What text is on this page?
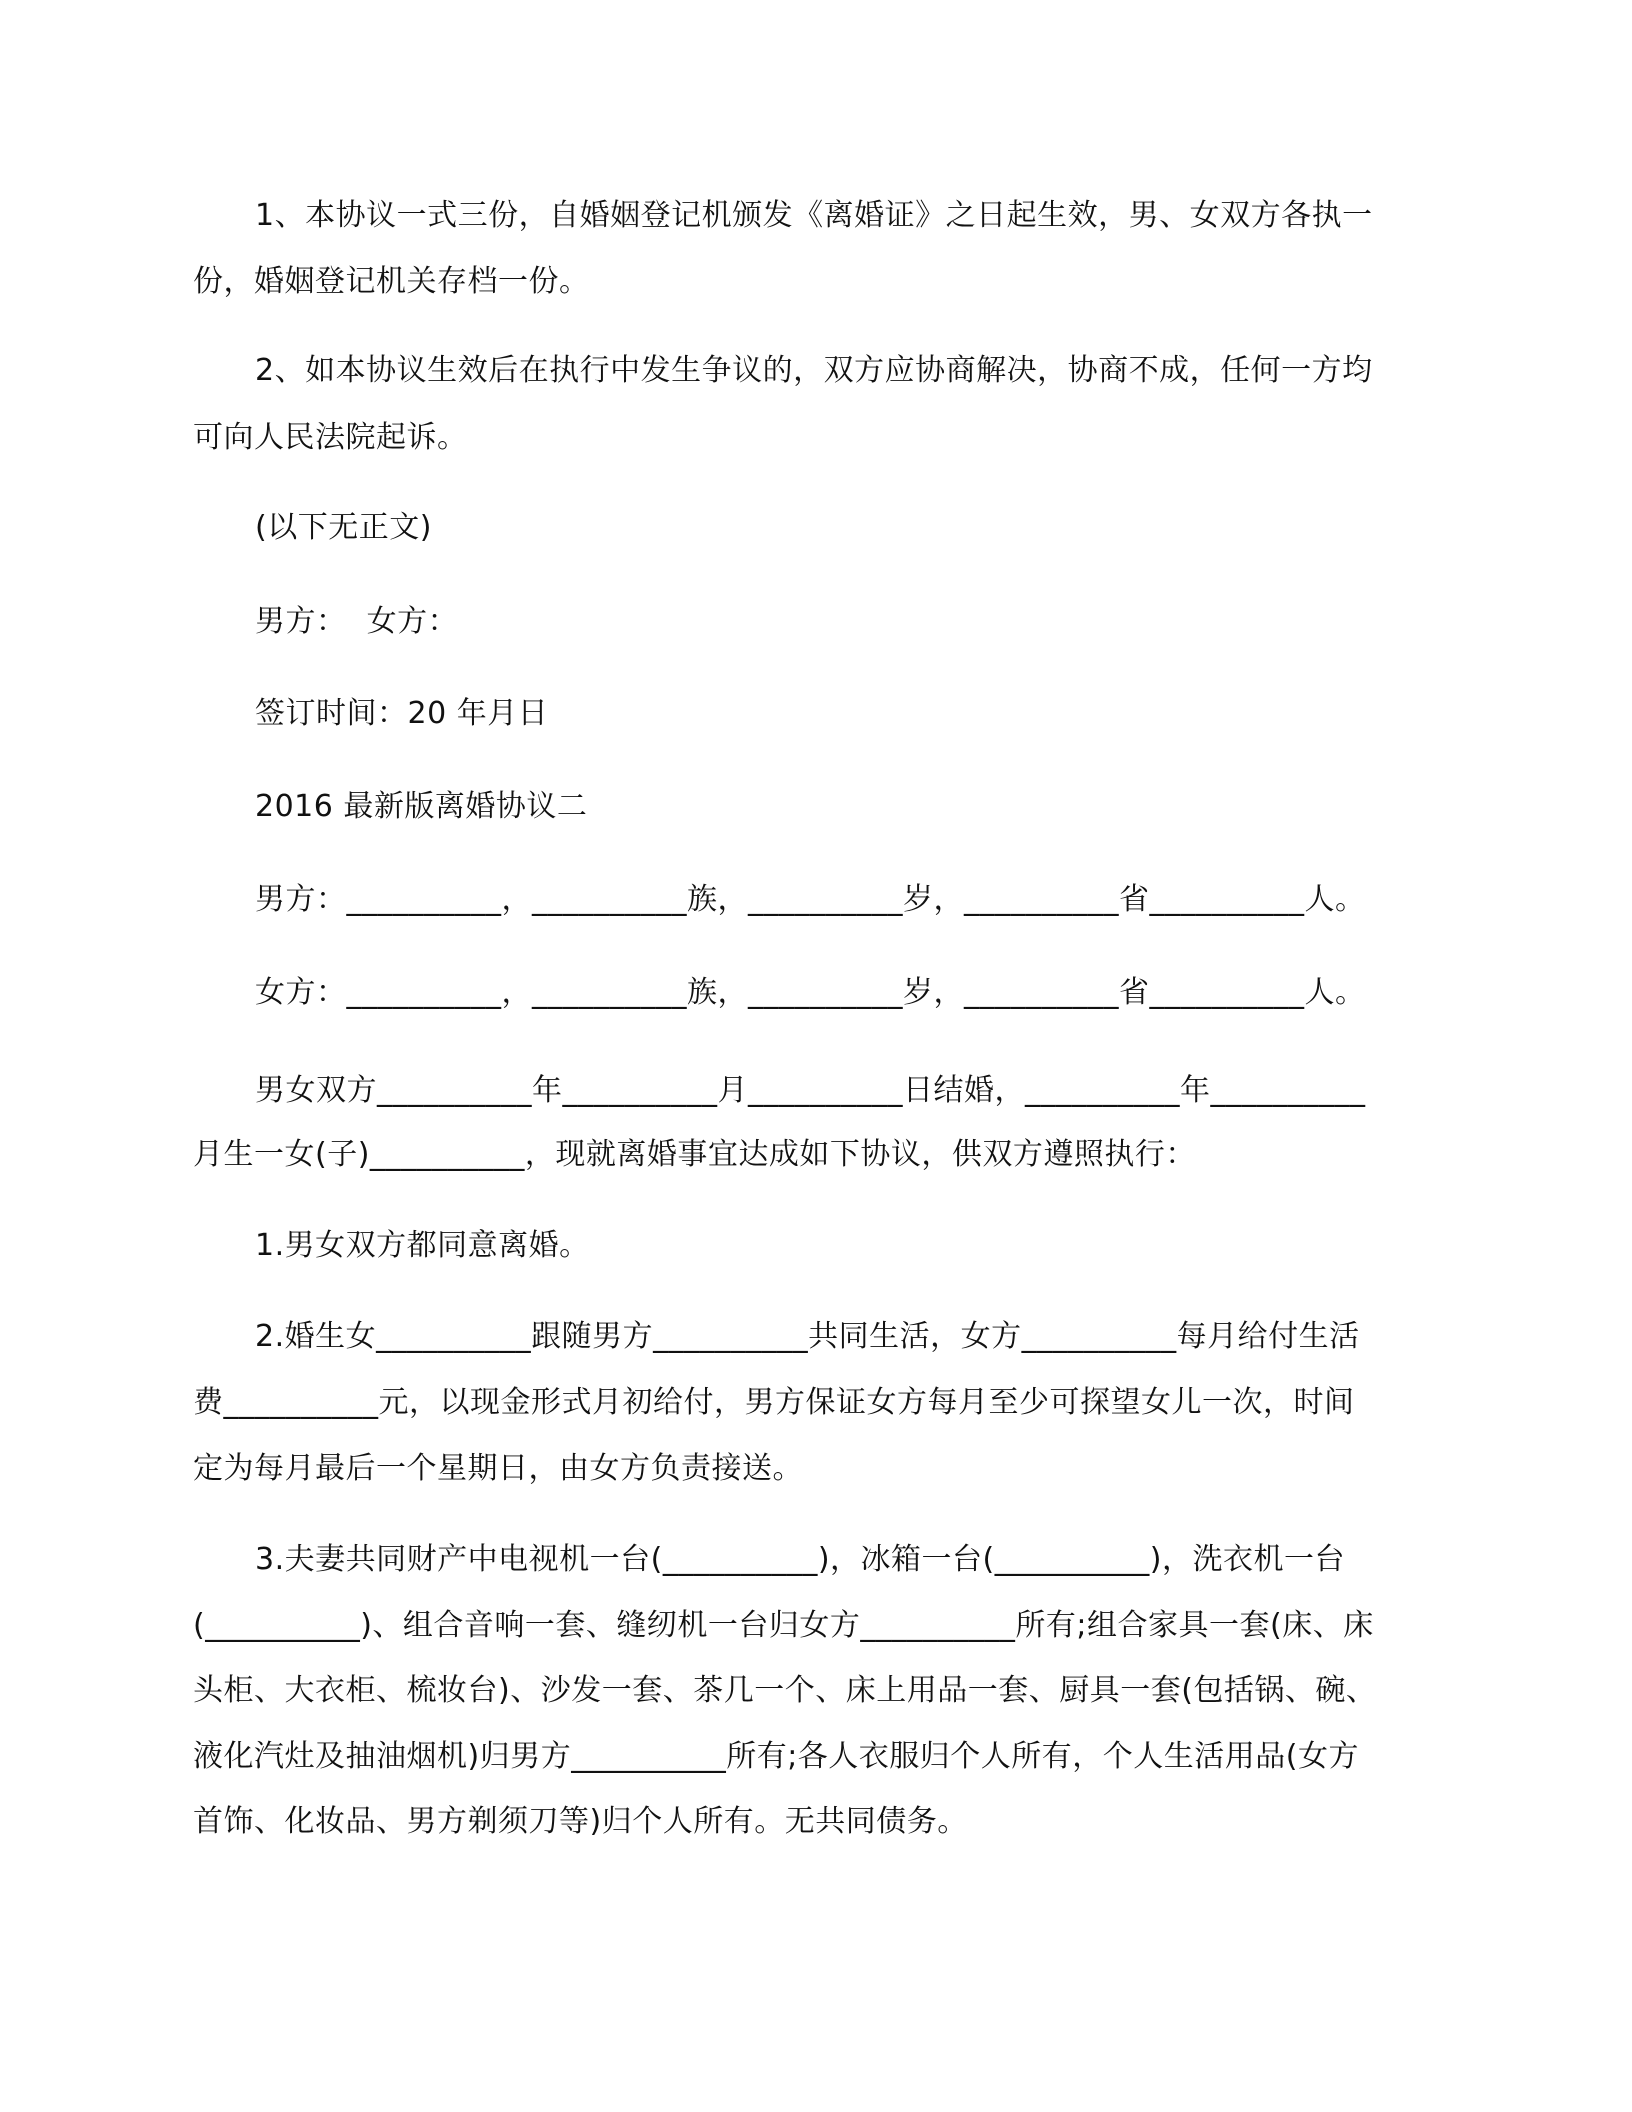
1、本协议一式三份，自婚姻登记机颁发《离婚证》之日起生效，男、女双方各执一
份，婚姻登记机关存档一份。
2、如本协议生效后在执行中发生争议的，双方应协商解决，协商不成，任何一方均
可向人民法院起诉。
(以下无正文)
男方：  女方：
签订时间：20 年月日
2016 最新版离婚协议二
男方：__________，__________族，__________岁，__________省__________人。
女方：__________，__________族，__________岁，__________省__________人。
男女双方__________年__________月__________日结婚，__________年__________
月生一女(子)__________，现就离婚事宜达成如下协议，供双方遵照执行：
1.男女双方都同意离婚。
2.婚生女__________跟随男方__________共同生活，女方__________每月给付生活
费__________元，以现金形式月初给付，男方保证女方每月至少可探望女儿一次，时间
定为每月最后一个星期日，由女方负责接送。
3.夫妻共同财产中电视机一台(__________)，冰箱一台(__________)，洗衣机一台
(__________)、组合音响一套、缝纫机一台归女方__________所有;组合家具一套(床、床
头柜、大衣柜、梳妆台)、沙发一套、茶几一个、床上用品一套、厨具一套(包括锅、碗、
液化汽灶及抽油烟机)归男方__________所有;各人衣服归个人所有，个人生活用品(女方
首饰、化妆品、男方剃须刀等)归个人所有。无共同债务。
